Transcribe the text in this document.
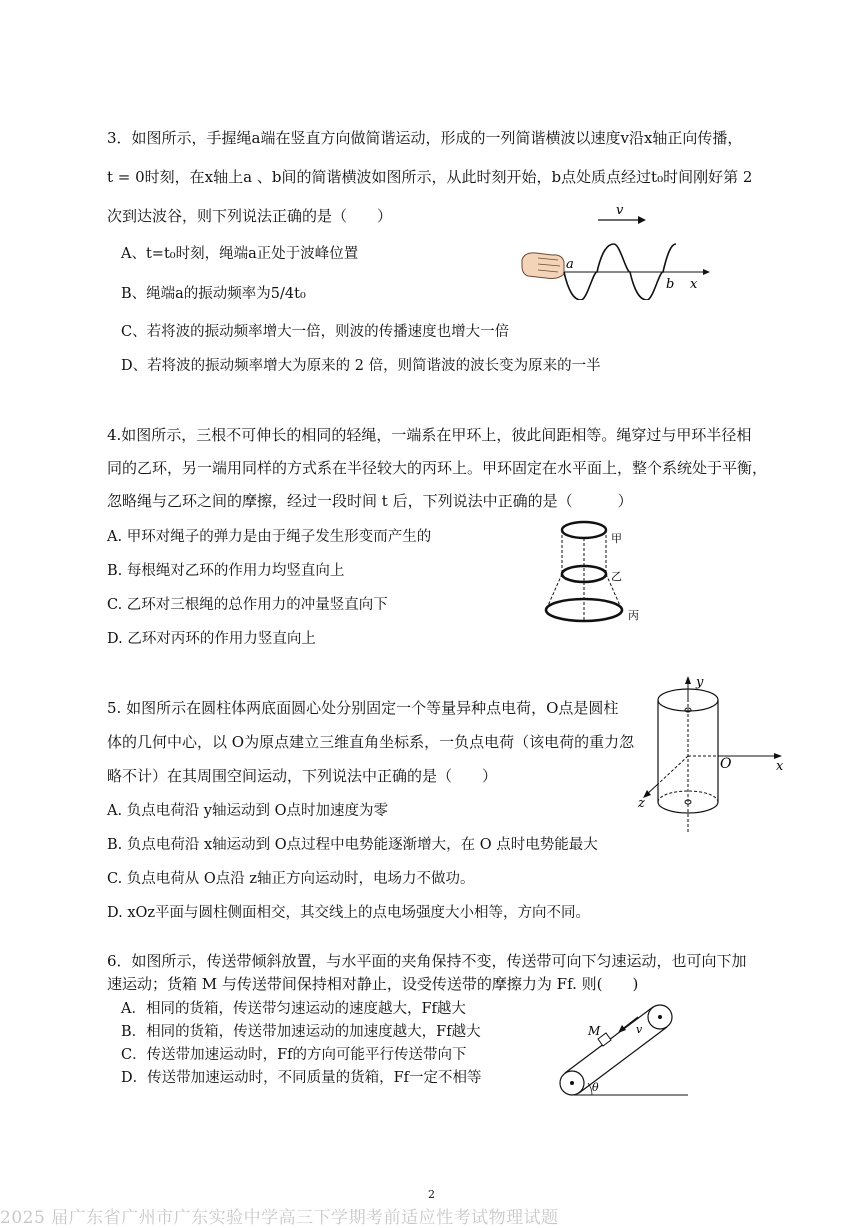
3．如图所示，手握绳a端在竖直方向做简谐运动，形成的一列简谐横波以速度v沿x轴正向传播，
t = 0时刻，在x轴上a 、b间的简谐横波如图所示，从此时刻开始，b点处质点经过t₀时间刚好第 2
次到达波谷，则下列说法正确的是（　　）
A、t=t₀时刻，绳端a正处于波峰位置
B、绳端a的振动频率为5/4t₀
C、若将波的振动频率增大一倍，则波的传播速度也增大一倍
D、若将波的振动频率增大为原来的 2 倍，则简谐波的波长变为原来的一半
v
x
a
b
4.如图所示，三根不可伸长的相同的轻绳，一端系在甲环上，彼此间距相等。绳穿过与甲环半径相
同的乙环，另一端用同样的方式系在半径较大的丙环上。甲环固定在水平面上，整个系统处于平衡，
忽略绳与乙环之间的摩擦，经过一段时间 t 后，下列说法中正确的是（　　　）
A. 甲环对绳子的弹力是由于绳子发生形变而产生的
B. 每根绳对乙环的作用力均竖直向上
C. 乙环对三根绳的总作用力的冲量竖直向下
D. 乙环对丙环的作用力竖直向上
甲
乙
丙
5. 如图所示在圆柱体两底面圆心处分别固定一个等量异种点电荷，O点是圆柱
体的几何中心，以 O为原点建立三维直角坐标系，一负点电荷（该电荷的重力忽
略不计）在其周围空间运动，下列说法中正确的是（　　）
A. 负点电荷沿 y轴运动到 O点时加速度为零
B. 负点电荷沿 x轴运动到 O点过程中电势能逐渐增大，在 O 点时电势能最大
C. 负点电荷从 O点沿 z轴正方向运动时，电场力不做功。
D. xOz平面与圆柱侧面相交，其交线上的点电场强度大小相等，方向不同。
y
x
z
O
6．如图所示，传送带倾斜放置，与水平面的夹角保持不变，传送带可向下匀速运动，也可向下加
速运动；货箱 M 与传送带间保持相对静止，设受传送带的摩擦力为 Ff. 则(　　)
A．相同的货箱，传送带匀速运动的速度越大，Ff越大
B．相同的货箱，传送带加速运动的加速度越大，Ff越大
C．传送带加速运动时，Ff的方向可能平行传送带向下
D．传送带加速运动时，不同质量的货箱，Ff一定不相等
M	v
θ
2
2025 届广东省广州市广东实验中学高三下学期考前适应性考试物理试题
